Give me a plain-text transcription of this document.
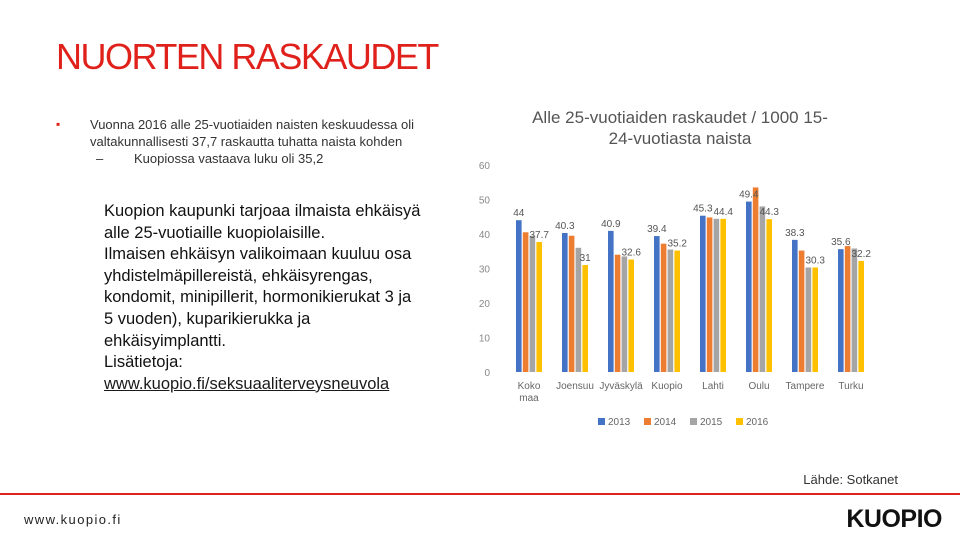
NUORTEN RASKAUDET
▪ Vuonna 2016 alle 25-vuotiaiden naisten keskuudessa oli valtakunnallisesti 37,7 raskautta tuhatta naista kohden
– Kuopiossa vastaava luku oli 35,2
Kuopion kaupunki tarjoaa ilmaista ehkäisyä
alle 25-vuotiaille kuopiolaisille.
Ilmaisen ehkäisyn valikoimaan kuuluu osa
yhdistelmäpillereistä, ehkäisyrengas,
kondomit, minipillerit, hormonikierukat 3 ja
5 vuoden), kuparikierukka ja
ehkäisyimplantti.
Lisätietoja:
www.kuopio.fi/seksuaaliterveysneuvola
Alle 25-vuotiaiden raskaudet / 1000 15-
24-vuotiasta naista
0
10
20
30
40
50
60
44
37.7
Koko
maa
40.3
31
Joensuu
40.9
32.6
Jyväskylä
39.4
35.2
Kuopio
45.3 44.4
Lahti
49.4
44.3
Oulu
38.3
30.3
Tampere
35.6
32.2
Turku
2013 2014 2015 2016
Lähde: Sotkanet
www.kuopio.fi	KUOPIO
